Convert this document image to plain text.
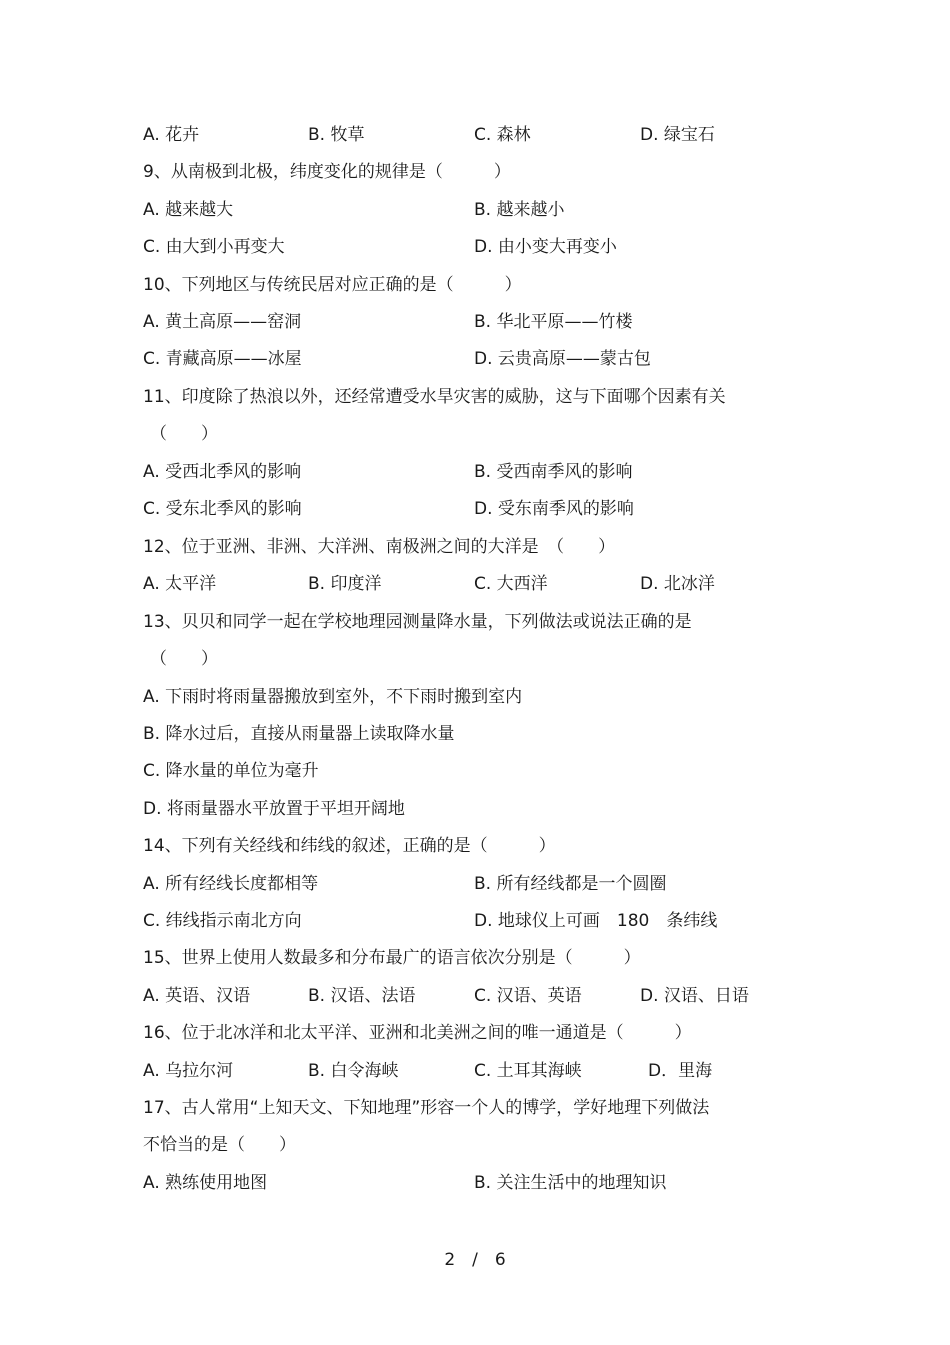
A. 花卉	B. 牧草	C. 森林	D. 绿宝石
9、从南极到北极，纬度变化的规律是（　　　）
A. 越来越大	B. 越来越小
C. 由大到小再变大	D. 由小变大再变小
10、下列地区与传统民居对应正确的是（　　　）
A. 黄土高原——窑洞	B. 华北平原——竹楼
C. 青藏高原——冰屋	D. 云贵高原——蒙古包
11、印度除了热浪以外，还经常遭受水旱灾害的威胁，这与下面哪个因素有关
（　　）
A. 受西北季风的影响	B. 受西南季风的影响
C. 受东北季风的影响	D. 受东南季风的影响
12、位于亚洲、非洲、大洋洲、南极洲之间的大洋是　（　　）
A. 太平洋	B. 印度洋	C. 大西洋	D. 北冰洋
13、贝贝和同学一起在学校地理园测量降水量，下列做法或说法正确的是
（　　）
A. 下雨时将雨量器搬放到室外，不下雨时搬到室内
B. 降水过后，直接从雨量器上读取降水量
C. 降水量的单位为毫升
D. 将雨量器水平放置于平坦开阔地
14、下列有关经线和纬线的叙述，正确的是（　　　）
A. 所有经线长度都相等	B. 所有经线都是一个圆圈
C. 纬线指示南北方向	D. 地球仪上可画　180　条纬线
15、世界上使用人数最多和分布最广的语言依次分别是（　　　）
A. 英语、汉语	B. 汉语、法语	C. 汉语、英语	D. 汉语、日语
16、位于北冰洋和北太平洋、亚洲和北美洲之间的唯一通道是（　　　）
A. 乌拉尔河	B. 白令海峡	C. 土耳其海峡	D．里海
17、古人常用“上知天文、下知地理”形容一个人的博学，学好地理下列做法
不恰当的是（　　）
A. 熟练使用地图	B. 关注生活中的地理知识
2　/　6
